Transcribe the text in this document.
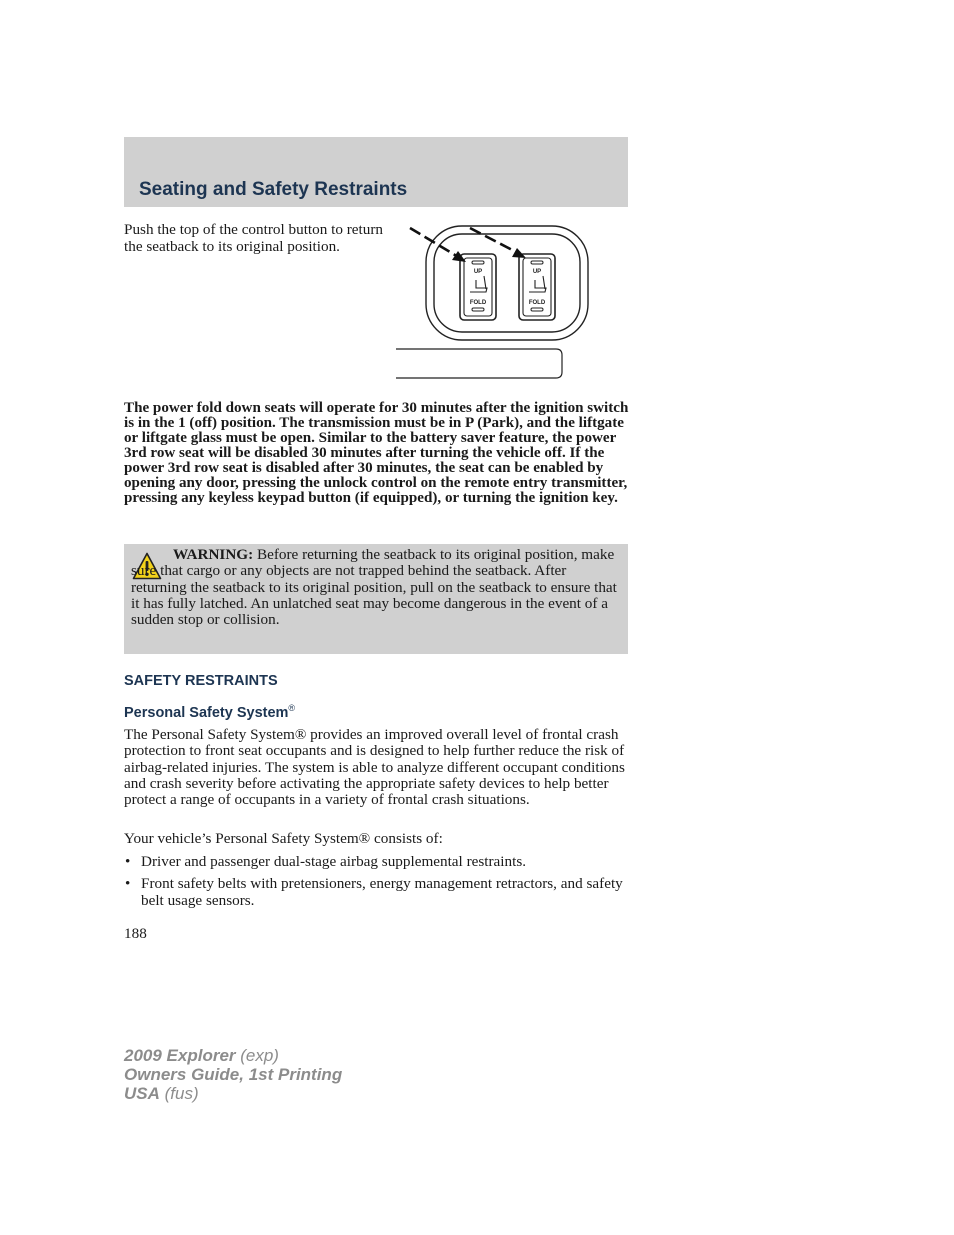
Seating and Safety Restraints

Push the top of the control button to return the seatback to its original position.

UP
FOLD
UP
FOLD

The power fold down seats will operate for 30 minutes after the ignition switch is in the 1 (off) position. The transmission must be in P (Park), and the liftgate or liftgate glass must be open. Similar to the battery saver feature, the power 3rd row seat will be disabled 30 minutes after turning the vehicle off. If the power 3rd row seat is disabled after 30 minutes, the seat can be enabled by opening any door, pressing the unlock control on the remote entry transmitter, pressing any keyless keypad button (if equipped), or turning the ignition key.

WARNING: Before returning the seatback to its original position, make sure that cargo or any objects are not trapped behind the seatback. After returning the seatback to its original position, pull on the seatback to ensure that it has fully latched. An unlatched seat may become dangerous in the event of a sudden stop or collision.

SAFETY RESTRAINTS
Personal Safety System®

The Personal Safety System® provides an improved overall level of frontal crash protection to front seat occupants and is designed to help further reduce the risk of airbag-related injuries. The system is able to analyze different occupant conditions and crash severity before activating the appropriate safety devices to help better protect a range of occupants in a variety of frontal crash situations.

Your vehicle’s Personal Safety System® consists of:

• Driver and passenger dual-stage airbag supplemental restraints.
• Front safety belts with pretensioners, energy management retractors, and safety belt usage sensors.

188

2009 Explorer (exp)
Owners Guide, 1st Printing
USA (fus)
